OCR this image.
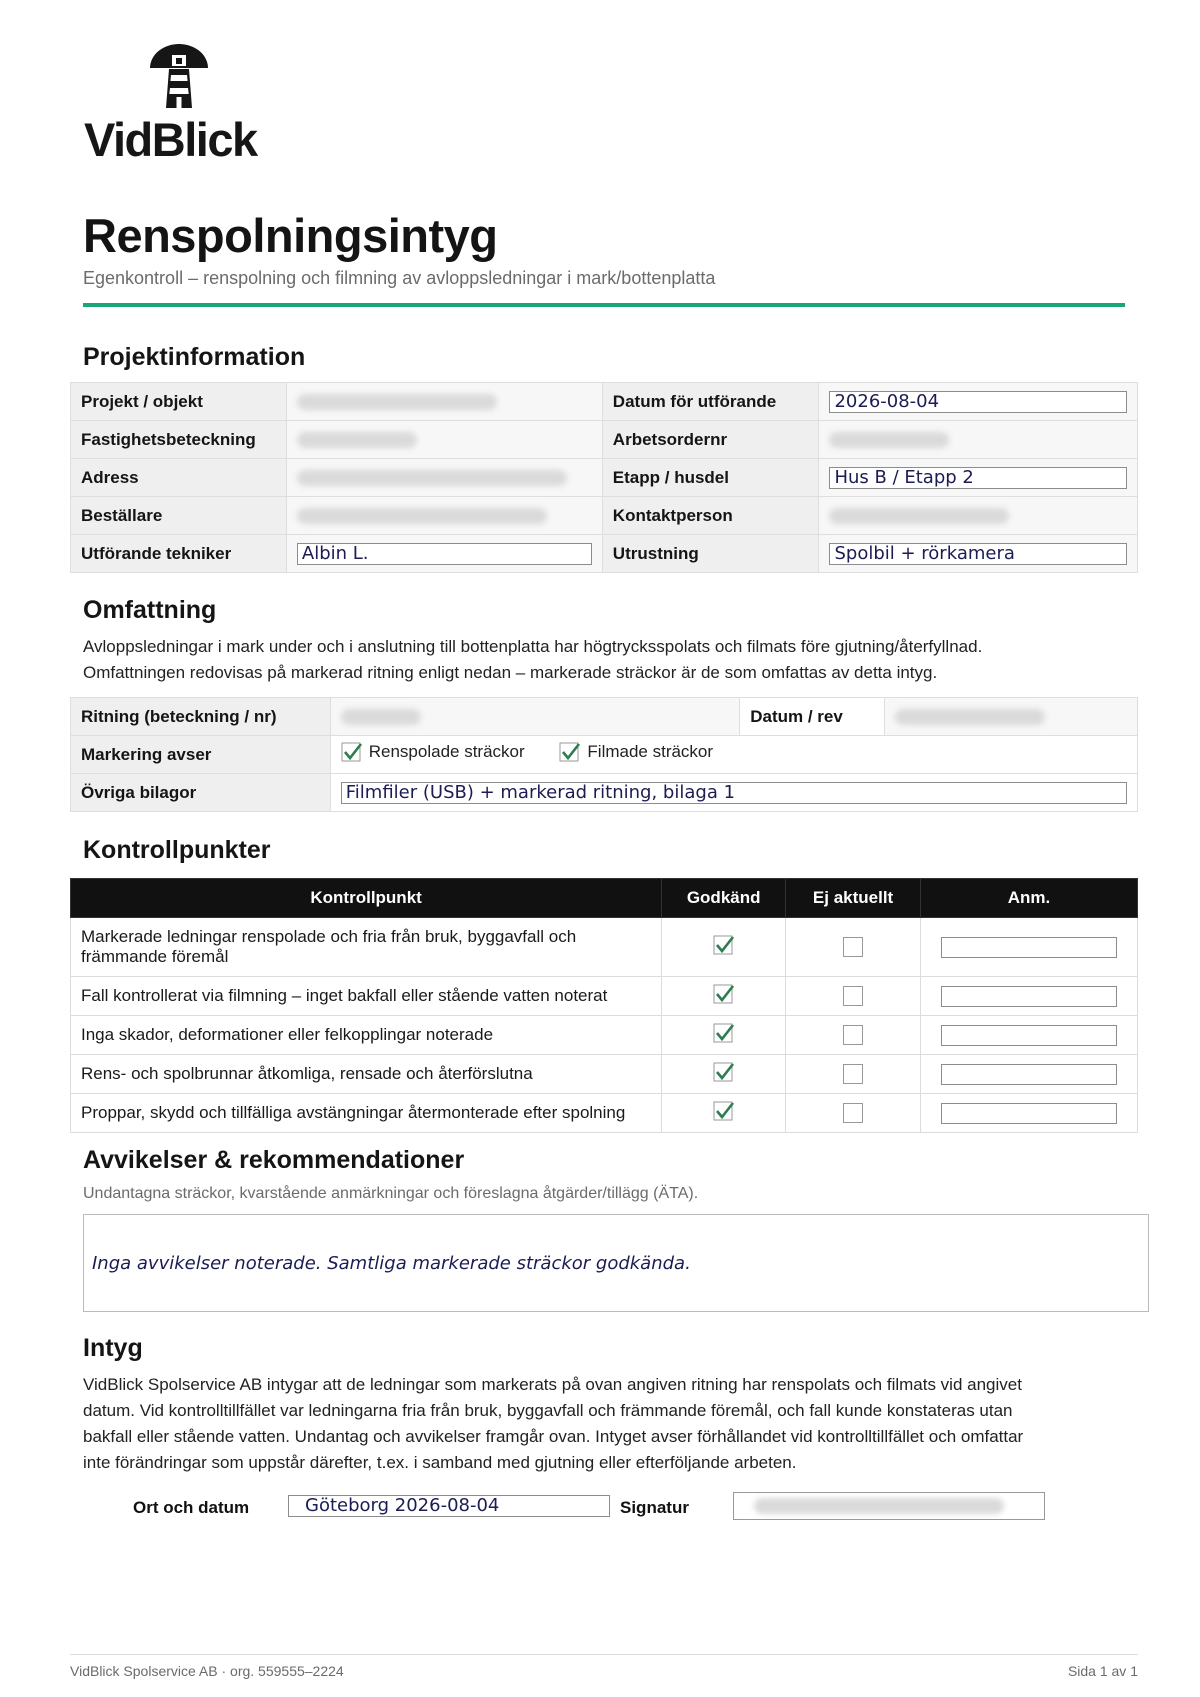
VidBlick
Renspolningsintyg
Egenkontroll – renspolning och filmning av avloppsledningar i mark/bottenplatta
Projektinformation
Projekt / objekt		Datum för utförande	2026-08-04

Fastighetsbeteckning		Arbetsordernr	
Adress		Etapp / husdel	Hus B / Etapp 2

Beställare		Kontaktperson	
Utförande tekniker	Albin L.	Utrustning	Spolbil + rörkamera
Omfattning
Avloppsledningar i mark under och i anslutning till bottenplatta har högtrycksspolats och filmats före gjutning/återfyllnad.
Omfattningen redovisas på markerad ritning enligt nedan – markerade sträckor är de som omfattas av detta intyg.
Ritning (beteckning / nr)		Datum / rev	
Markering avser	Renspolade sträckor
Filmade sträckor		

Övriga bilagor	Filmfiler (USB) + markerad ritning, bilaga 1		
Kontrollpunkter
Kontrollpunkt	Godkänd	Ej aktuellt	Anm.
Markerade ledningar renspolade och fria från bruk, byggavfall och främmande föremål			
Fall kontrollerat via filmning – inget bakfall eller stående vatten noterat			
Inga skador, deformationer eller felkopplingar noterade			
Rens- och spolbrunnar åtkomliga, rensade och återförslutna			
Proppar, skydd och tillfälliga avstängningar återmonterade efter spolning			
Avvikelser & rekommendationer
Undantagna sträckor, kvarstående anmärkningar och föreslagna åtgärder/tillägg (ÄTA).
Inga avvikelser noterade. Samtliga markerade sträckor godkända.
Intyg
VidBlick Spolservice AB intygar att de ledningar som markerats på ovan angiven ritning har renspolats och filmats vid angivet
datum. Vid kontrolltillfället var ledningarna fria från bruk, byggavfall och främmande föremål, och fall kunde konstateras utan
bakfall eller stående vatten. Undantag och avvikelser framgår ovan. Intyget avser förhållandet vid kontrolltillfället och omfattar
inte förändringar som uppstår därefter, t.ex. i samband med gjutning eller efterföljande arbeten.
Ort och datum	Göteborg 2026-08-04	Signatur
VidBlick Spolservice AB · org. 559555–2224	Sida 1 av 1
